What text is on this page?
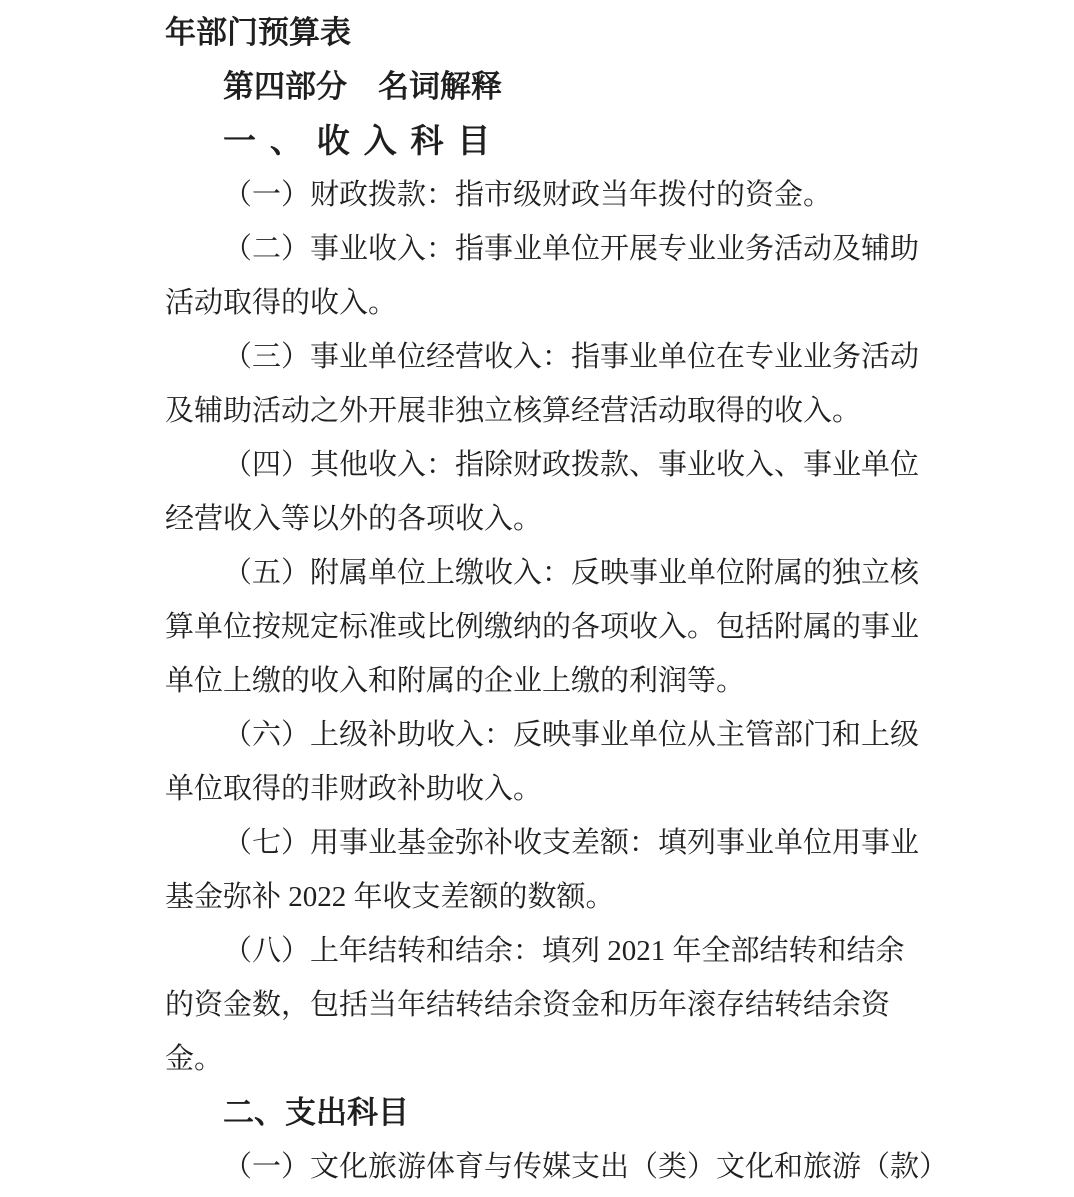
年部门预算表
第四部分　名词解释
一、收入科目
（一）财政拨款：指市级财政当年拨付的资金。
（二）事业收入：指事业单位开展专业业务活动及辅助
活动取得的收入。
（三）事业单位经营收入：指事业单位在专业业务活动
及辅助活动之外开展非独立核算经营活动取得的收入。
（四）其他收入：指除财政拨款、事业收入、事业单位
经营收入等以外的各项收入。
（五）附属单位上缴收入：反映事业单位附属的独立核
算单位按规定标准或比例缴纳的各项收入。包括附属的事业
单位上缴的收入和附属的企业上缴的利润等。
（六）上级补助收入：反映事业单位从主管部门和上级
单位取得的非财政补助收入。
（七）用事业基金弥补收支差额：填列事业单位用事业
基金弥补 2022 年收支差额的数额。
（八）上年结转和结余：填列 2021 年全部结转和结余
的资金数，包括当年结转结余资金和历年滚存结转结余资
金。
二、支出科目
（一）文化旅游体育与传媒支出（类）文化和旅游（款）
